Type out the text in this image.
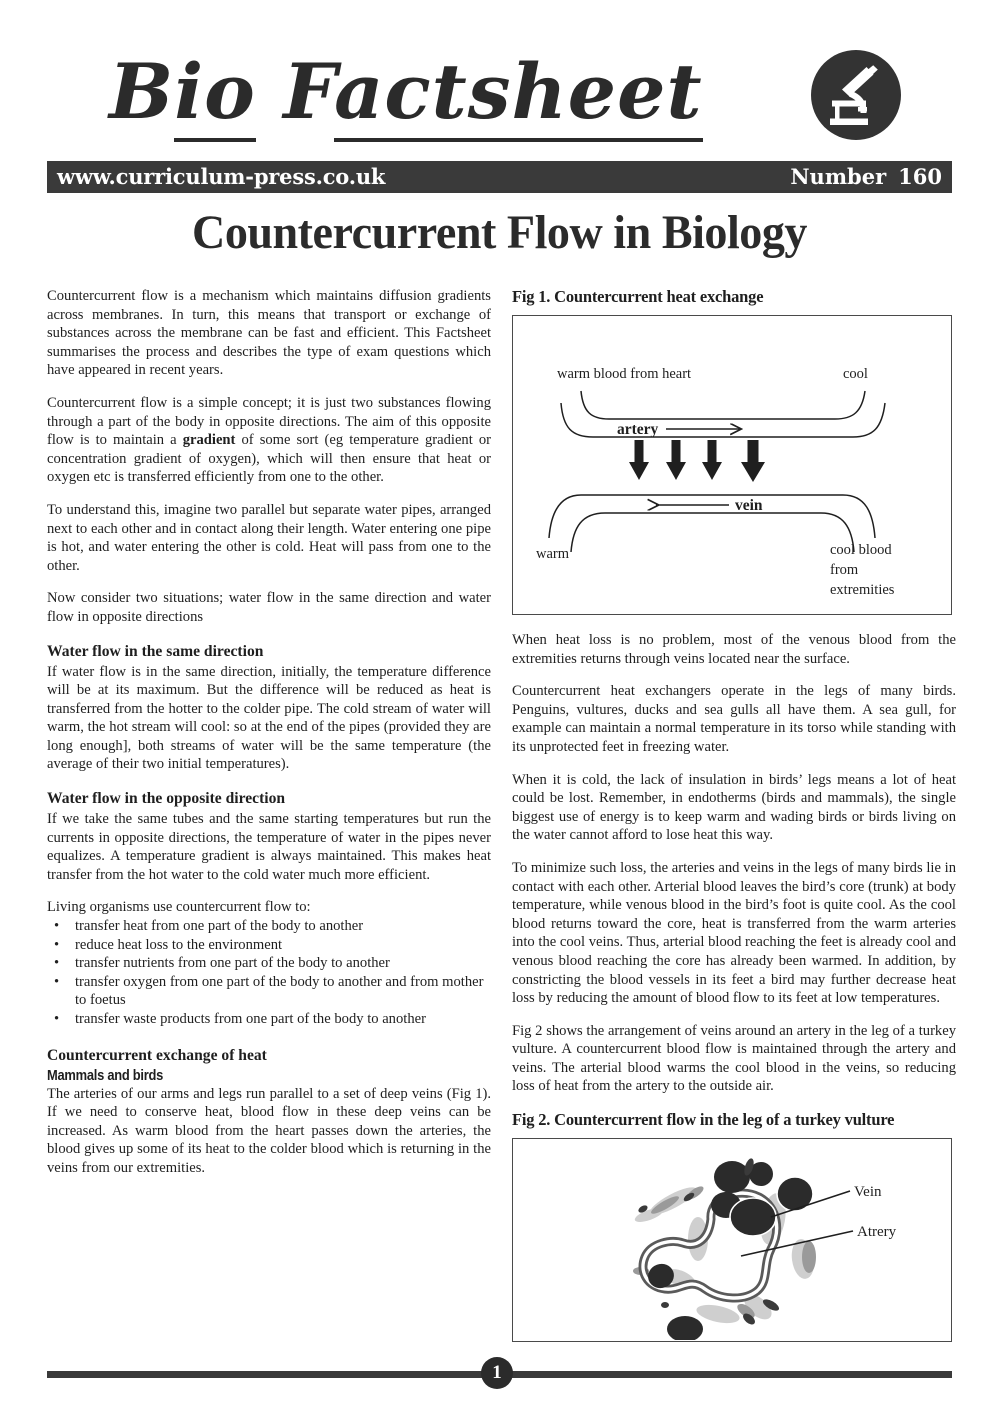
Bio Factsheet
www.curriculum-press.co.uk	Number 160
Countercurrent Flow in Biology

Countercurrent flow is a mechanism which maintains diffusion gradients across membranes. In turn, this means that transport or exchange of substances across the membrane can be fast and efficient. This Factsheet summarises the process and describes the type of exam questions which have appeared in recent years.

Countercurrent flow is a simple concept; it is just two substances flowing through a part of the body in opposite directions. The aim of this opposite flow is to maintain a gradient of some sort (eg temperature gradient or concentration gradient of oxygen), which will then ensure that heat or oxygen etc is transferred efficiently from one to the other.

To understand this, imagine two parallel but separate water pipes, arranged next to each other and in contact along their length. Water entering one pipe is hot, and water entering the other is cold. Heat will pass from one to the other.

Now consider two situations; water flow in the same direction and water flow in opposite directions

Water flow in the same direction

If water flow is in the same direction, initially, the temperature difference will be at its maximum. But the difference will be reduced as heat is transferred from the hotter to the colder pipe. The cold stream of water will warm, the hot stream will cool: so at the end of the pipes (provided they are long enough], both streams of water will be the same temperature (the average of their two initial temperatures).

Water flow in the opposite direction

If we take the same tubes and the same starting temperatures but run the currents in opposite directions, the temperature of water in the pipes never equalizes. A temperature gradient is always maintained. This makes heat transfer from the hot water to the cold water much more efficient.

Living organisms use countercurrent flow to:

• transfer heat from one part of the body to another
• reduce heat loss to the environment
• transfer nutrients from one part of the body to another
• transfer oxygen from one part of the body to another and from mother to foetus
• transfer waste products from one part of the body to another
Countercurrent exchange of heat
Mammals and birds

The arteries of our arms and legs run parallel to a set of deep veins (Fig 1). If we need to conserve heat, blood flow in these deep veins can be increased. As warm blood from the heart passes down the arteries, the blood gives up some of its heat to the colder blood which is returning in the veins from our extremities.

Fig 1. Countercurrent heat exchange
artery
warm blood from heart	cool
vein
warm	cool blood
from
extremities

When heat loss is no problem, most of the venous blood from the extremities returns through veins located near the surface.

Countercurrent heat exchangers operate in the legs of many birds. Penguins, vultures, ducks and sea gulls all have them. A sea gull, for example can maintain a normal temperature in its torso while standing with its unprotected feet in freezing water.

When it is cold, the lack of insulation in birds’ legs means a lot of heat could be lost. Remember, in endotherms (birds and mammals), the single biggest use of energy is to keep warm and wading birds or birds living on the water cannot afford to lose heat this way.

To minimize such loss, the arteries and veins in the legs of many birds lie in contact with each other. Arterial blood leaves the bird’s core (trunk) at body temperature, while venous blood in the bird’s foot is quite cool. As the cool blood returns toward the core, heat is transferred from the warm arteries into the cool veins. Thus, arterial blood reaching the feet is already cool and venous blood reaching the core has already been warmed. In addition, by constricting the blood vessels in its feet a bird may further decrease heat loss by reducing the amount of blood flow to its feet at low temperatures.

Fig 2 shows the arrangement of veins around an artery in the leg of a turkey vulture. A countercurrent blood flow is maintained through the artery and veins. The arterial blood warms the cool blood in the veins, so reducing loss of heat from the artery to the outside air.

Fig 2. Countercurrent flow in the leg of a turkey vulture
Vein
Atrery
1
